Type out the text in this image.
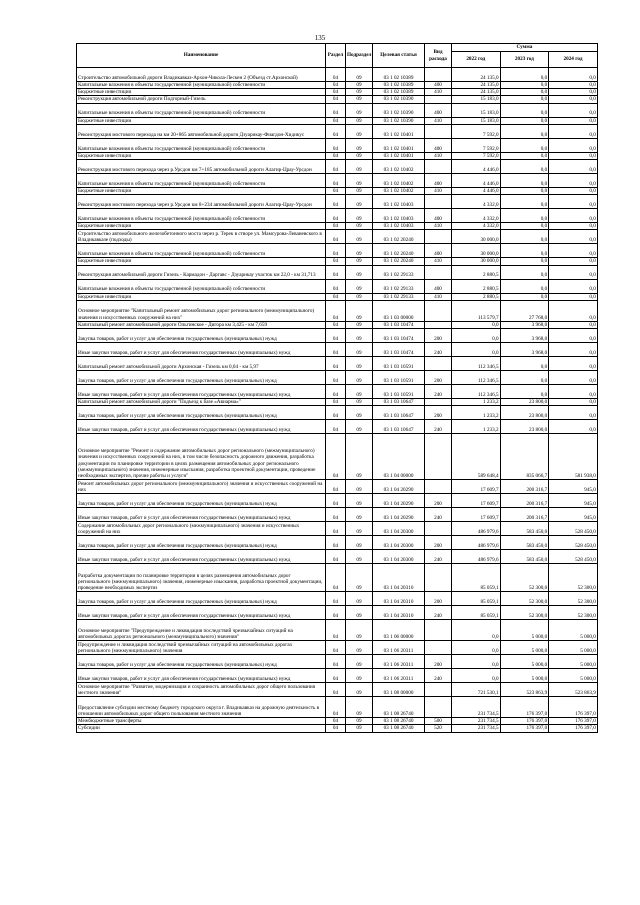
135
Наименование	Раздел	Подраздел	Целевая статья	Вид расхода	Сумма		
					2022 год	2023 год	2024 год
Строительство автомобильной дороги Владикавказ-Архон-Чикола-Лескен 2 (Объезд ст.Архонской)	04	09	03 1 02 10389		24 135,0	0,0	0,0
Капитальные вложения в объекты государственной (муниципальной) собственности	04	09	03 1 02 10389	400	24 135,0	0,0	0,0
Бюджетные инвестиции	04	09	03 1 02 10389	410	24 135,0	0,0	0,0
Реконструкция автомобильной дороги Подгорный-Гизель	04	09	03 1 02 10390		15 183,0	0,0	0,0
Капитальные вложения в объекты государственной (муниципальной) собственности	04	09	03 1 02 10390	400	15 183,0	0,0	0,0
Бюджетные инвестиции	04	09	03 1 02 10390	410	15 183,0	0,0	0,0
Реконструкция мостового перехода на км 20+865 автомобильной дороги Дзуарикау-Фиагдон-Хидикус	04	09	03 1 02 10401		7 592,0	0,0	0,0
Капитальные вложения в объекты государственной (муниципальной) собственности	04	09	03 1 02 10401	400	7 592,0	0,0	0,0
Бюджетные инвестиции	04	09	03 1 02 10401	410	7 592,0	0,0	0,0
Реконструкция мостового перехода через р.Урсдон км 7+185 автомобильной дороги Алагир-Црау-Урсдон	04	09	03 1 02 10402		4 446,0	0,0	0,0
Капитальные вложения в объекты государственной (муниципальной) собственности	04	09	03 1 02 10402	400	4 446,0	0,0	0,0
Бюджетные инвестиции	04	09	03 1 02 10402	410	4 446,0	0,0	0,0
Реконструкция мостового перехода через р.Урсдон км 8+234 автомобильной дороги Алагир-Црау-Урсдон	04	09	03 1 02 10403		4 332,0	0,0	0,0
Капитальные вложения в объекты государственной (муниципальной) собственности	04	09	03 1 02 10403	400	4 332,0	0,0	0,0
Бюджетные инвестиции	04	09	03 1 02 10403	410	4 332,0	0,0	0,0
Строительство автомобильного железобетонного моста через р. Терек в створе ул. Мамсурова-Леваневского в Владикавказе (подходы)	04	09	03 1 02 20240		30 000,0	0,0	0,0
Капитальные вложения в объекты государственной (муниципальной) собственности	04	09	03 1 02 20240	400	30 000,0	0,0	0,0
Бюджетные инвестиции	04	09	03 1 02 20240	410	30 000,0	0,0	0,0
Реконструкция автомобильной дороги Гизель - Кармадон - Даргавс - Дзуарикау участок км 22,0 - км 31,713	04	09	03 1 02 29133		2 880,5	0,0	0,0
Капитальные вложения в объекты государственной (муниципальной) собственности	04	09	03 1 02 29133	400	2 880,5	0,0	0,0
Бюджетные инвестиции	04	09	03 1 02 29133	410	2 880,5	0,0	0,0
Основное мероприятие "Капитальный ремонт автомобильных дорог регионального (межмуниципального) значения и искусственных сооружений на них"	04	09	03 1 03 00000		113 579,7	27 768,0	0,0
Капитальный ремонт автомобильной дороги Ольгинское - Дигора км 3,425 - км 7,659	04	09	03 1 03 10474		0,0	3 968,0	0,0
Закупка товаров, работ и услуг для обеспечения государственных (муниципальных) нужд	04	09	03 1 03 10474	200	0,0	3 968,0	0,0
Иные закупки товаров, работ и услуг для обеспечения государственных (муниципальных) нужд	04	09	03 1 03 10474	240	0,0	3 968,0	0,0
Капитальный ремонт автомобильной дороги Архонская - Гизель км 0,04 - км 5,97	04	09	03 1 03 10591		112 346,5	0,0	0,0
Закупка товаров, работ и услуг для обеспечения государственных (муниципальных) нужд	04	09	03 1 03 10591	200	112 346,5	0,0	0,0
Иные закупки товаров, работ и услуг для обеспечения государственных (муниципальных) нужд	04	09	03 1 03 10591	240	112 346,5	0,0	0,0
Капитальный ремонт автомобильной дороги "Подъезд к базе «Авиарма»"	04	09	03 1 03 10647		1 233,2	23 800,0	0,0
Закупка товаров, работ и услуг для обеспечения государственных (муниципальных) нужд	04	09	03 1 03 10647	200	1 233,2	23 800,0	0,0
Иные закупки товаров, работ и услуг для обеспечения государственных (муниципальных) нужд	04	09	03 1 03 10647	240	1 233,2	23 800,0	0,0
Основное мероприятие "Ремонт и содержание автомобильных дорог регионального (межмуниципального) значения и искусственных сооружений на них, в том числе безопасность дорожного движения, разработка документации по планировке территории в целях размещения автомобильных дорог регионального (межмуниципального) значения, инженерные изыскания, разработка проектной документации, проведение необходимых экспертиз, прочие работы и услуги"	04	09	03 1 04 00000		589 648,4	835 066,7	581 938,0
Ремонт автомобильных дорог регионального (межмуниципального) значения и искусственных сооружений на них	04	09	03 1 04 20290		17 609,7	200 316,7	945,0
Закупка товаров, работ и услуг для обеспечения государственных (муниципальных) нужд	04	09	03 1 04 20290	200	17 609,7	200 316,7	945,0
Иные закупки товаров, работ и услуг для обеспечения государственных (муниципальных) нужд	04	09	03 1 04 20290	240	17 609,7	200 316,7	945,0
Содержание автомобильных дорог регионального (межмуниципального) значения и искусственных сооружений на них	04	09	03 1 04 20300		486 979,6	583 450,0	528 450,0
Закупка товаров, работ и услуг для обеспечения государственных (муниципальных) нужд	04	09	03 1 04 20300	200	486 979,6	583 450,0	528 450,0
Иные закупки товаров, работ и услуг для обеспечения государственных (муниципальных) нужд	04	09	03 1 04 20300	240	486 979,6	583 450,0	528 450,0
Разработка документации по планировке территории в целях размещения автомобильных дорог регионального (межмуниципального) значения, инженерные изыскания, разработка проектной документации, проведение необходимых экспертиз	04	09	03 1 04 20310		85 059,1	52 300,0	52 300,0
Закупка товаров, работ и услуг для обеспечения государственных (муниципальных) нужд	04	09	03 1 04 20310	200	85 059,1	52 300,0	52 300,0
Иные закупки товаров, работ и услуг для обеспечения государственных (муниципальных) нужд	04	09	03 1 04 20310	240	85 059,1	52 300,0	52 300,0
Основное мероприятие "Предупреждение и ликвидация последствий чрезвычайных ситуаций на автомобильных дорогах регионального (межмуниципального) значения"	04	09	03 1 06 00000		0,0	5 000,0	5 000,0
Предупреждение и ликвидация последствий чрезвычайных ситуаций на автомобильных дорогах регионального (межмуниципального) значения	04	09	03 1 06 20311		0,0	5 000,0	5 000,0
Закупка товаров, работ и услуг для обеспечения государственных (муниципальных) нужд	04	09	03 1 06 20311	200	0,0	5 000,0	5 000,0
Иные закупки товаров, работ и услуг для обеспечения государственных (муниципальных) нужд	04	09	03 1 06 20311	240	0,0	5 000,0	5 000,0
Основное мероприятие "Развитие, модернизация и сохранность автомобильных дорог общего пользования местного значения"	04	09	03 1 08 00000		721 530,1	523 863,9	523 863,9
Предоставление субсидии местному бюджету городского округа г. Владикавказ на дорожную деятельность в отношении автомобильных дорог общего пользования местного значения	04	09	03 1 08 26740		231 734,5	176 397,0	176 397,0
Межбюджетные трансферты	04	09	03 1 08 26740	500	231 734,5	176 397,0	176 397,0
Субсидии	04	09	03 1 08 26740	520	231 734,5	176 397,0	176 397,0
